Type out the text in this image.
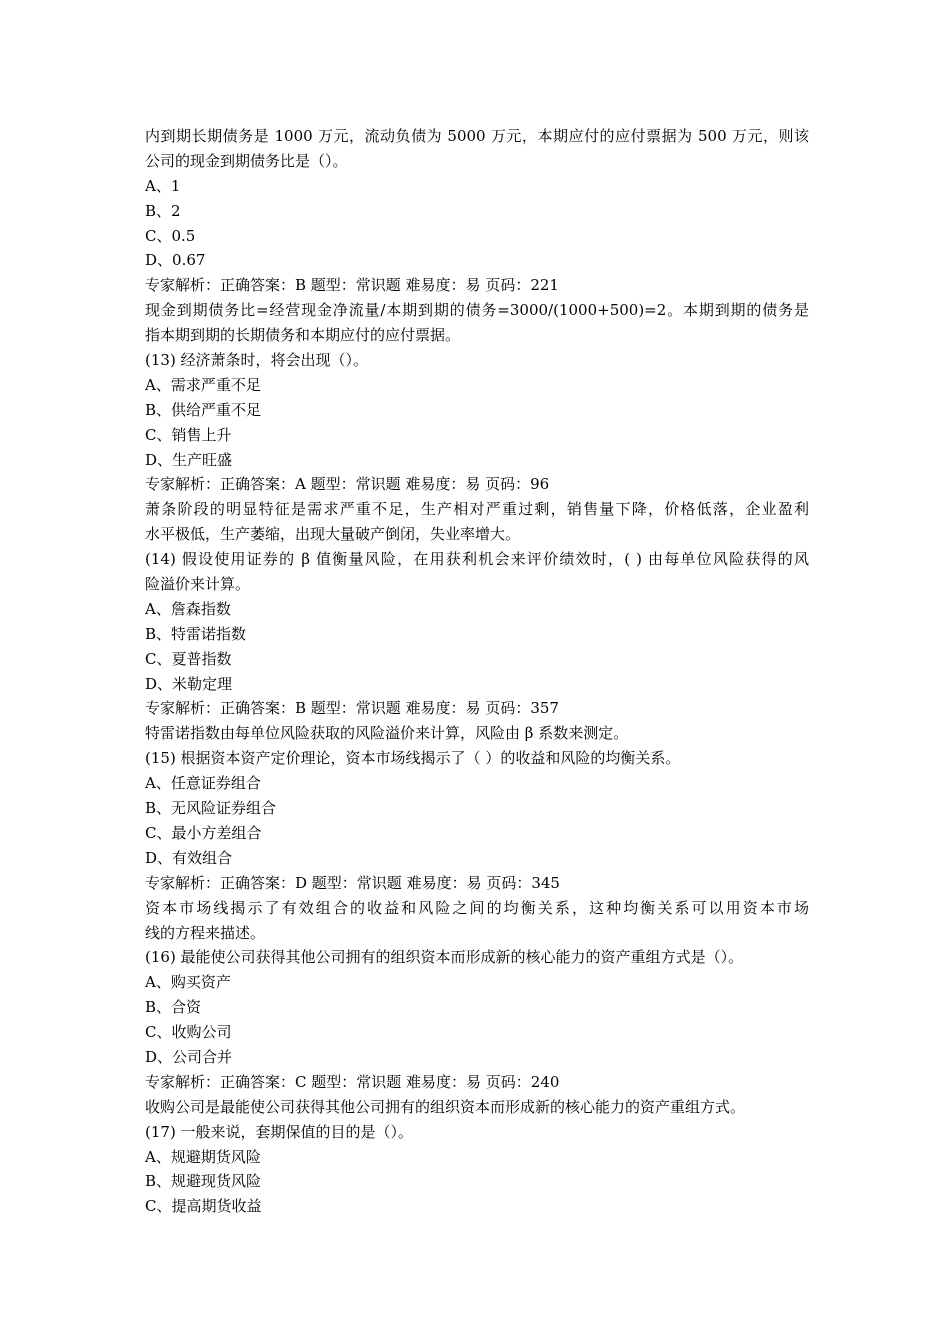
内到期长期债务是 1000 万元，流动负债为 5000 万元，本期应付的应付票据为 500 万元，则该
公司的现金到期债务比是（）。
A、1
B、2
C、0.5
D、0.67
专家解析：正确答案：B 题型：常识题 难易度：易 页码：221
现金到期债务比=经营现金净流量/本期到期的债务=3000/(1000+500)=2。本期到期的债务是
指本期到期的长期债务和本期应付的应付票据。
(13) 经济萧条时，将会出现（）。
A、需求严重不足
B、供给严重不足
C、销售上升
D、生产旺盛
专家解析：正确答案：A 题型：常识题 难易度：易 页码：96
萧条阶段的明显特征是需求严重不足，生产相对严重过剩，销售量下降，价格低落，企业盈利
水平极低，生产萎缩，出现大量破产倒闭，失业率增大。
(14) 假设使用证券的 β 值衡量风险，在用获利机会来评价绩效时，( ) 由每单位风险获得的风
险溢价来计算。
A、詹森指数
B、特雷诺指数
C、夏普指数
D、米勒定理
专家解析：正确答案：B 题型：常识题 难易度：易 页码：357
特雷诺指数由每单位风险获取的风险溢价来计算，风险由 β 系数来测定。
(15) 根据资本资产定价理论，资本市场线揭示了（ ）的收益和风险的均衡关系。
A、任意证券组合
B、无风险证券组合
C、最小方差组合
D、有效组合
专家解析：正确答案：D 题型：常识题 难易度：易 页码：345
资本市场线揭示了有效组合的收益和风险之间的均衡关系，这种均衡关系可以用资本市场
线的方程来描述。
(16) 最能使公司获得其他公司拥有的组织资本而形成新的核心能力的资产重组方式是（）。
A、购买资产
B、合资
C、收购公司
D、公司合并
专家解析：正确答案：C 题型：常识题 难易度：易 页码：240
收购公司是最能使公司获得其他公司拥有的组织资本而形成新的核心能力的资产重组方式。
(17) 一般来说，套期保值的目的是（）。
A、规避期货风险
B、规避现货风险
C、提高期货收益
